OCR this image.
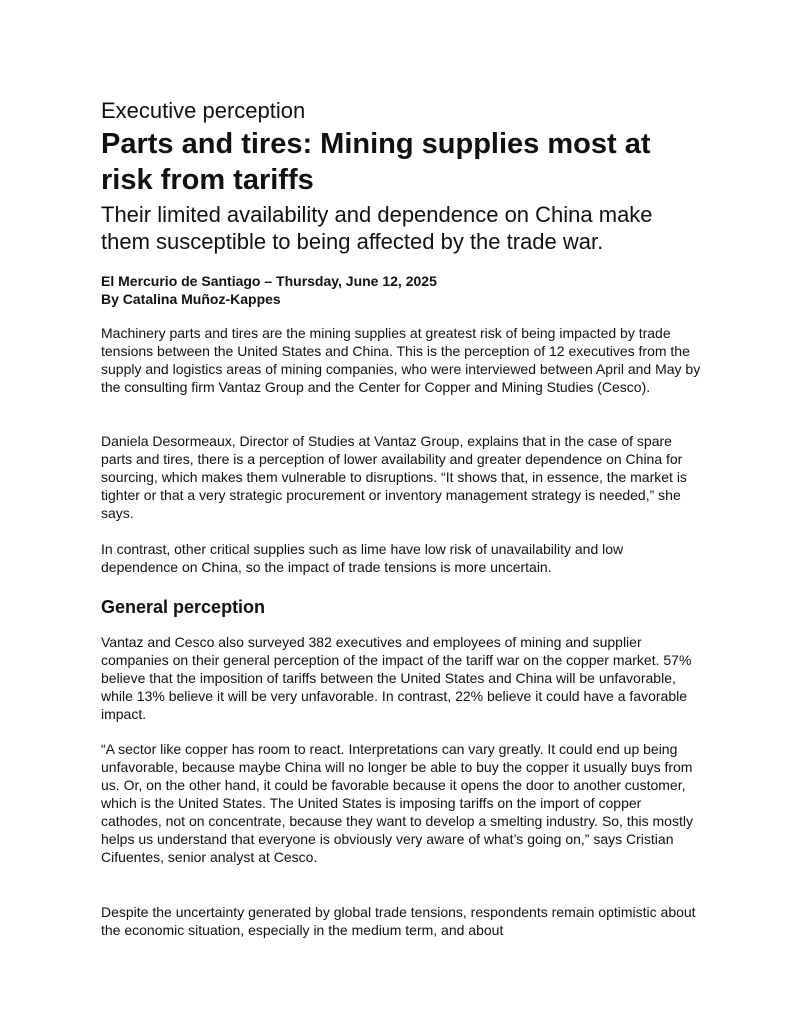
Executive perception
Parts and tires: Mining supplies most at risk from tariffs
Their limited availability and dependence on China make them susceptible to being affected by the trade war.
El Mercurio de Santiago – Thursday, June 12, 2025
By Catalina Muñoz-Kappes

Machinery parts and tires are the mining supplies at greatest risk of being impacted by trade tensions between the United States and China. This is the perception of 12 executives from the supply and logistics areas of mining companies, who were interviewed between April and May by the consulting firm Vantaz Group and the Center for Copper and Mining Studies (Cesco).

Daniela Desormeaux, Director of Studies at Vantaz Group, explains that in the case of spare parts and tires, there is a perception of lower availability and greater dependence on China for sourcing, which makes them vulnerable to disruptions. “It shows that, in essence, the market is tighter or that a very strategic procurement or inventory management strategy is needed,” she says.

In contrast, other critical supplies such as lime have low risk of unavailability and low dependence on China, so the impact of trade tensions is more uncertain.

General perception

Vantaz and Cesco also surveyed 382 executives and employees of mining and supplier companies on their general perception of the impact of the tariff war on the copper market. 57% believe that the imposition of tariffs between the United States and China will be unfavorable, while 13% believe it will be very unfavorable. In contrast, 22% believe it could have a favorable impact.

“A sector like copper has room to react. Interpretations can vary greatly. It could end up being unfavorable, because maybe China will no longer be able to buy the copper it usually buys from us. Or, on the other hand, it could be favorable because it opens the door to another customer, which is the United States. The United States is imposing tariffs on the import of copper cathodes, not on concentrate, because they want to develop a smelting industry. So, this mostly helps us understand that everyone is obviously very aware of what’s going on,” says Cristian Cifuentes, senior analyst at Cesco.

Despite the uncertainty generated by global trade tensions, respondents remain optimistic about the economic situation, especially in the medium term, and about
